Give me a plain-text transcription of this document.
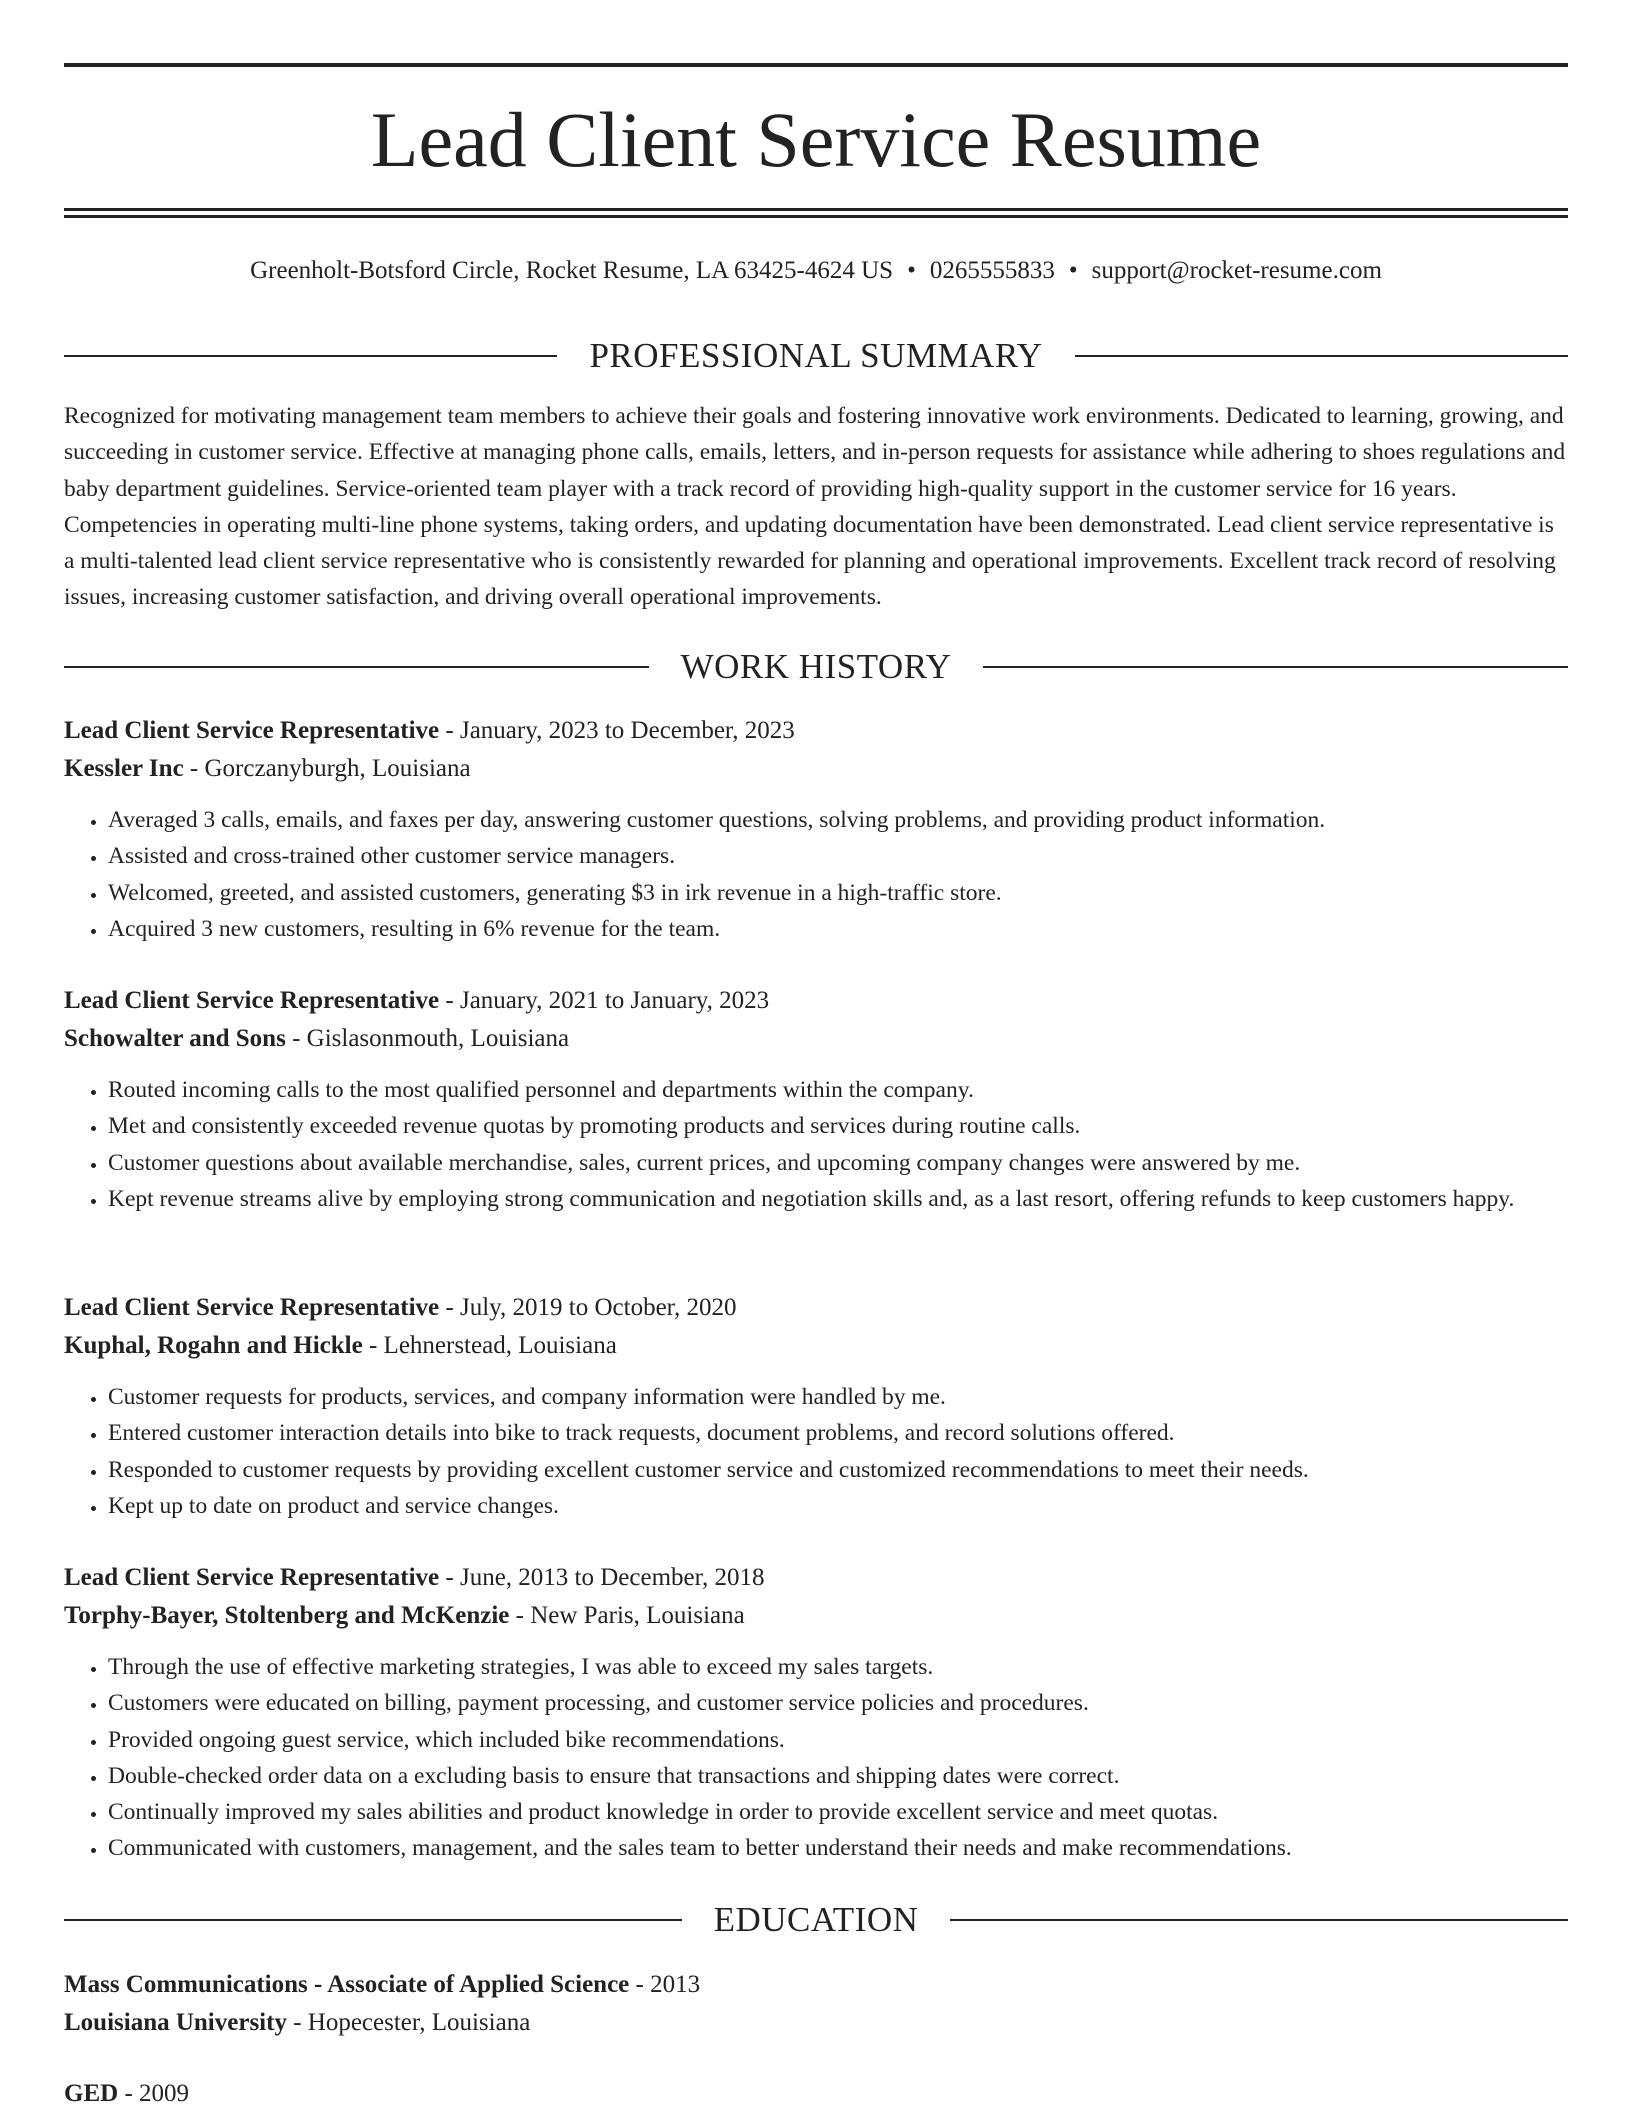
Lead Client Service Resume
Greenholt-Botsford Circle, Rocket Resume, LA 63425-4624 US • 0265555833 • support@rocket-resume.com
PROFESSIONAL SUMMARY

Recognized for motivating management team members to achieve their goals and fostering innovative work environments. Dedicated to learning, growing, and succeeding in customer service. Effective at managing phone calls, emails, letters, and in-person requests for assistance while adhering to shoes regulations and baby department guidelines. Service-oriented team player with a track record of providing high-quality support in the customer service for 16 years. Competencies in operating multi-line phone systems, taking orders, and updating documentation have been demonstrated. Lead client service representative is a multi-talented lead client service representative who is consistently rewarded for planning and operational improvements. Excellent track record of resolving issues, increasing customer satisfaction, and driving overall operational improvements.

WORK HISTORY

Lead Client Service Representative - January, 2023 to December, 2023

Kessler Inc - Gorczanyburgh, Louisiana

• Averaged 3 calls, emails, and faxes per day, answering customer questions, solving problems, and providing product information.
• Assisted and cross-trained other customer service managers.
• Welcomed, greeted, and assisted customers, generating $3 in irk revenue in a high-traffic store.
• Acquired 3 new customers, resulting in 6% revenue for the team.

Lead Client Service Representative - January, 2021 to January, 2023

Schowalter and Sons - Gislasonmouth, Louisiana

• Routed incoming calls to the most qualified personnel and departments within the company.
• Met and consistently exceeded revenue quotas by promoting products and services during routine calls.
• Customer questions about available merchandise, sales, current prices, and upcoming company changes were answered by me.
• Kept revenue streams alive by employing strong communication and negotiation skills and, as a last resort, offering refunds to keep customers happy.

Lead Client Service Representative - July, 2019 to October, 2020

Kuphal, Rogahn and Hickle - Lehnerstead, Louisiana

• Customer requests for products, services, and company information were handled by me.
• Entered customer interaction details into bike to track requests, document problems, and record solutions offered.
• Responded to customer requests by providing excellent customer service and customized recommendations to meet their needs.
• Kept up to date on product and service changes.

Lead Client Service Representative - June, 2013 to December, 2018

Torphy-Bayer, Stoltenberg and McKenzie - New Paris, Louisiana

• Through the use of effective marketing strategies, I was able to exceed my sales targets.
• Customers were educated on billing, payment processing, and customer service policies and procedures.
• Provided ongoing guest service, which included bike recommendations.
• Double-checked order data on a excluding basis to ensure that transactions and shipping dates were correct.
• Continually improved my sales abilities and product knowledge in order to provide excellent service and meet quotas.
• Communicated with customers, management, and the sales team to better understand their needs and make recommendations.
EDUCATION

Mass Communications - Associate of Applied Science - 2013

Louisiana University - Hopecester, Louisiana

GED - 2009
